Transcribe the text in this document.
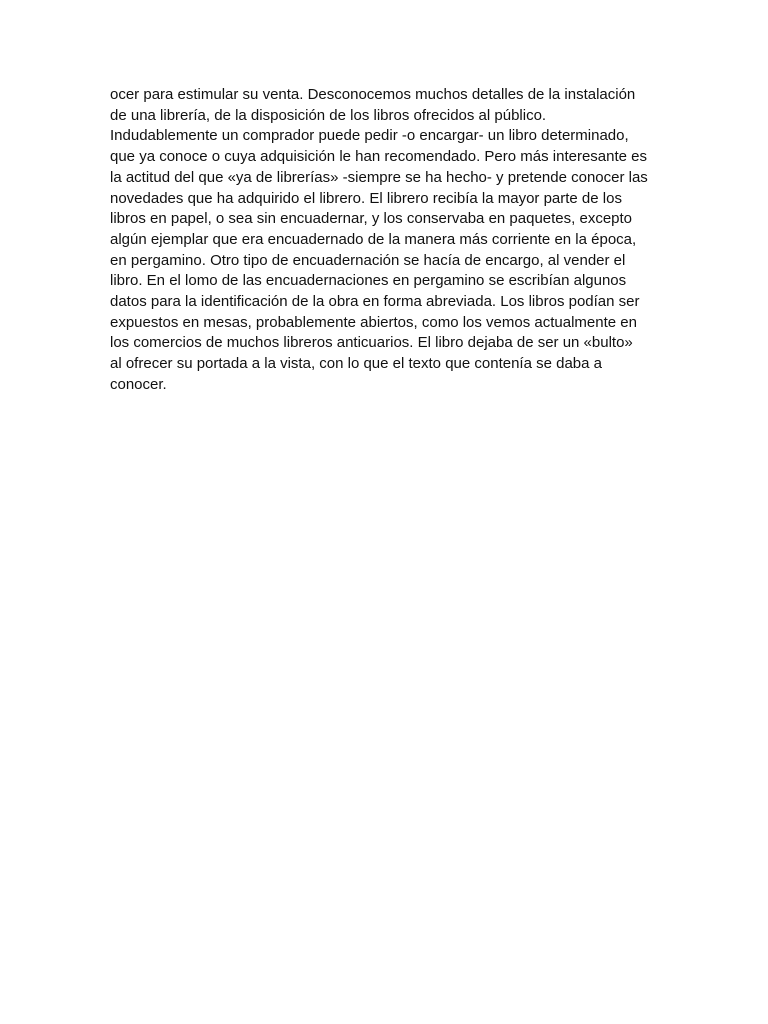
ocer para estimular su venta. Desconocemos muchos detalles de la instalación
de una librería, de la disposición de los libros ofrecidos al público.
Indudablemente un comprador puede pedir -o encargar- un libro determinado,
que ya conoce o cuya adquisición le han recomendado. Pero más interesante es
la actitud del que «ya de librerías» -siempre se ha hecho- y pretende conocer las
novedades que ha adquirido el librero. El librero recibía la mayor parte de los
libros en papel, o sea sin encuadernar, y los conservaba en paquetes, excepto
algún ejemplar que era encuadernado de la manera más corriente en la época,
en pergamino. Otro tipo de encuadernación se hacía de encargo, al vender el
libro. En el lomo de las encuadernaciones en pergamino se escribían algunos
datos para la identificación de la obra en forma abreviada. Los libros podían ser
expuestos en mesas, probablemente abiertos, como los vemos actualmente en
los comercios de muchos libreros anticuarios. El libro dejaba de ser un «bulto»
al ofrecer su portada a la vista, con lo que el texto que contenía se daba a
conocer.
